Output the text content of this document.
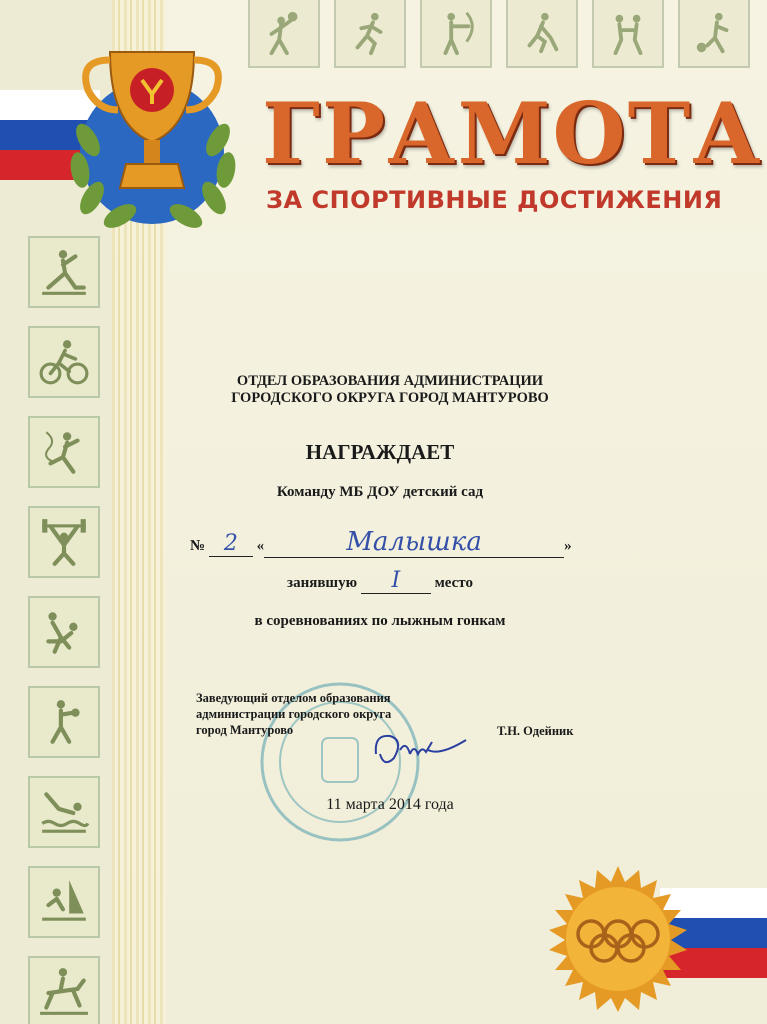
ГРАМОТА
ЗА СПОРТИВНЫЕ ДОСТИЖЕНИЯ
ОТДЕЛ ОБРАЗОВАНИЯ АДМИНИСТРАЦИИ
ГОРОДСКОГО ОКРУГА ГОРОД МАНТУРОВО
НАГРАЖДАЕТ
Команду МБ ДОУ детский сад
№ 2 «	Малышка	»
занявшую I место
в соревнованиях по лыжным гонкам
Заведующий отделом образования
администрации городского округа
город Мантурово	Т.Н. Одейник
11 марта 2014 года
